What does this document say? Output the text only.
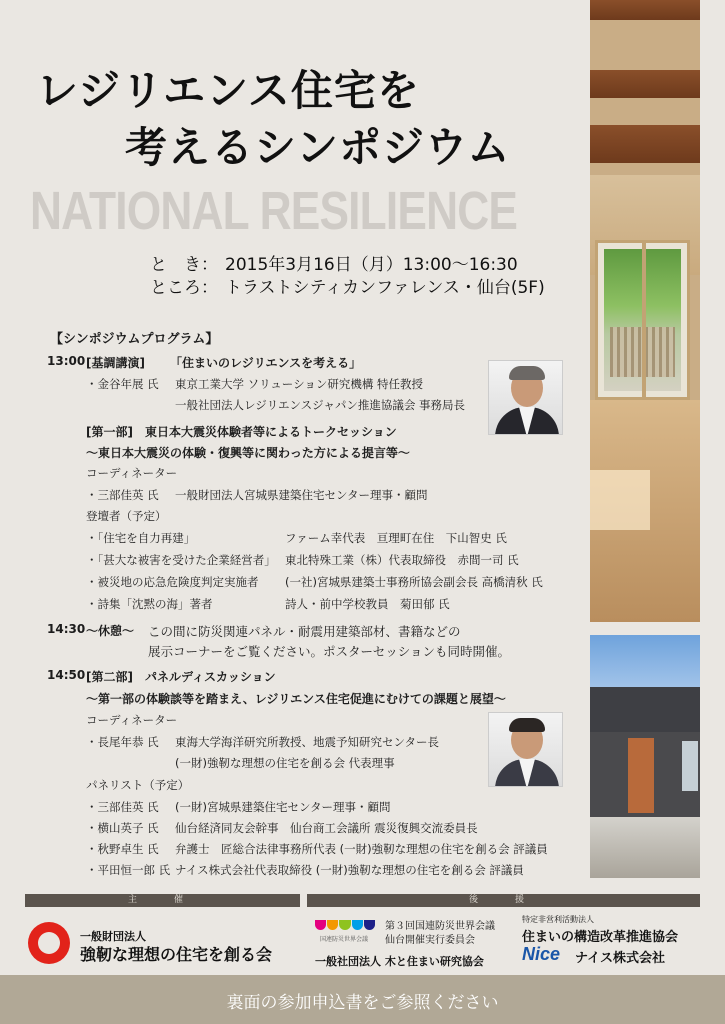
レジリエンス住宅を
考えるシンポジウム
NATIONAL RESILIENCE
と　き： 2015年3月16日（月）13:00～16:30
ところ： トラストシティカンファレンス・仙台(5F)
【シンポジウムプログラム】
13:00 [基調講演] 「住まいのレジリエンスを考える」
・金谷年展 氏 東京工業大学 ソリューション研究機構 特任教授
一般社団法人レジリエンスジャパン推進協議会 事務局長
[第一部]　東日本大震災体験者等によるトークセッション
～東日本大震災の体験・復興等に関わった方による提言等～
コーディネーター
・三部佳英 氏 一般財団法人宮城県建築住宅センター理事・顧問
登壇者（予定）
・「住宅を自力再建」	ファーム幸代表　亘理町在住　下山智史 氏
・「甚大な被害を受けた企業経営者」 東北特殊工業（株）代表取締役　赤間一司 氏
・被災地の応急危険度判定実施者 (一社)宮城県建築士事務所協会副会長 高橋清秋 氏
・詩集「沈黙の海」著者	詩人・前中学校教員　菊田郁 氏
14:30 ～休憩～ この間に防災関連パネル・耐震用建築部材、書籍などの
展示コーナーをご覧ください。ポスターセッションも同時開催。
14:50 [第二部]　パネルディスカッション
～第一部の体験談等を踏まえ、レジリエンス住宅促進にむけての課題と展望～
コーディネーター
・長尾年恭 氏 東海大学海洋研究所教授、地震予知研究センター長
(一財)強靭な理想の住宅を創る会 代表理事
パネリスト（予定）
・三部佳英 氏 (一財)宮城県建築住宅センター理事・顧問
・横山英子 氏 仙台経済同友会幹事　仙台商工会議所 震災復興交流委員長
・秋野卓生 氏 弁護士　匠総合法律事務所代表 (一財)強靭な理想の住宅を創る会 評議員
・平田恒一郎 氏 ナイス株式会社代表取締役 (一財)強靭な理想の住宅を創る会 評議員
主　催	後　援
一般財団法人
強靭な理想の住宅を創る会
国連防災世界会議
第３回国連防災世界会議
仙台開催実行委員会
一般社団法人 木と住まい研究協会
特定非営利活動法人
住まいの構造改革推進協会
Nice ナイス株式会社
裏面の参加申込書をご参照ください
